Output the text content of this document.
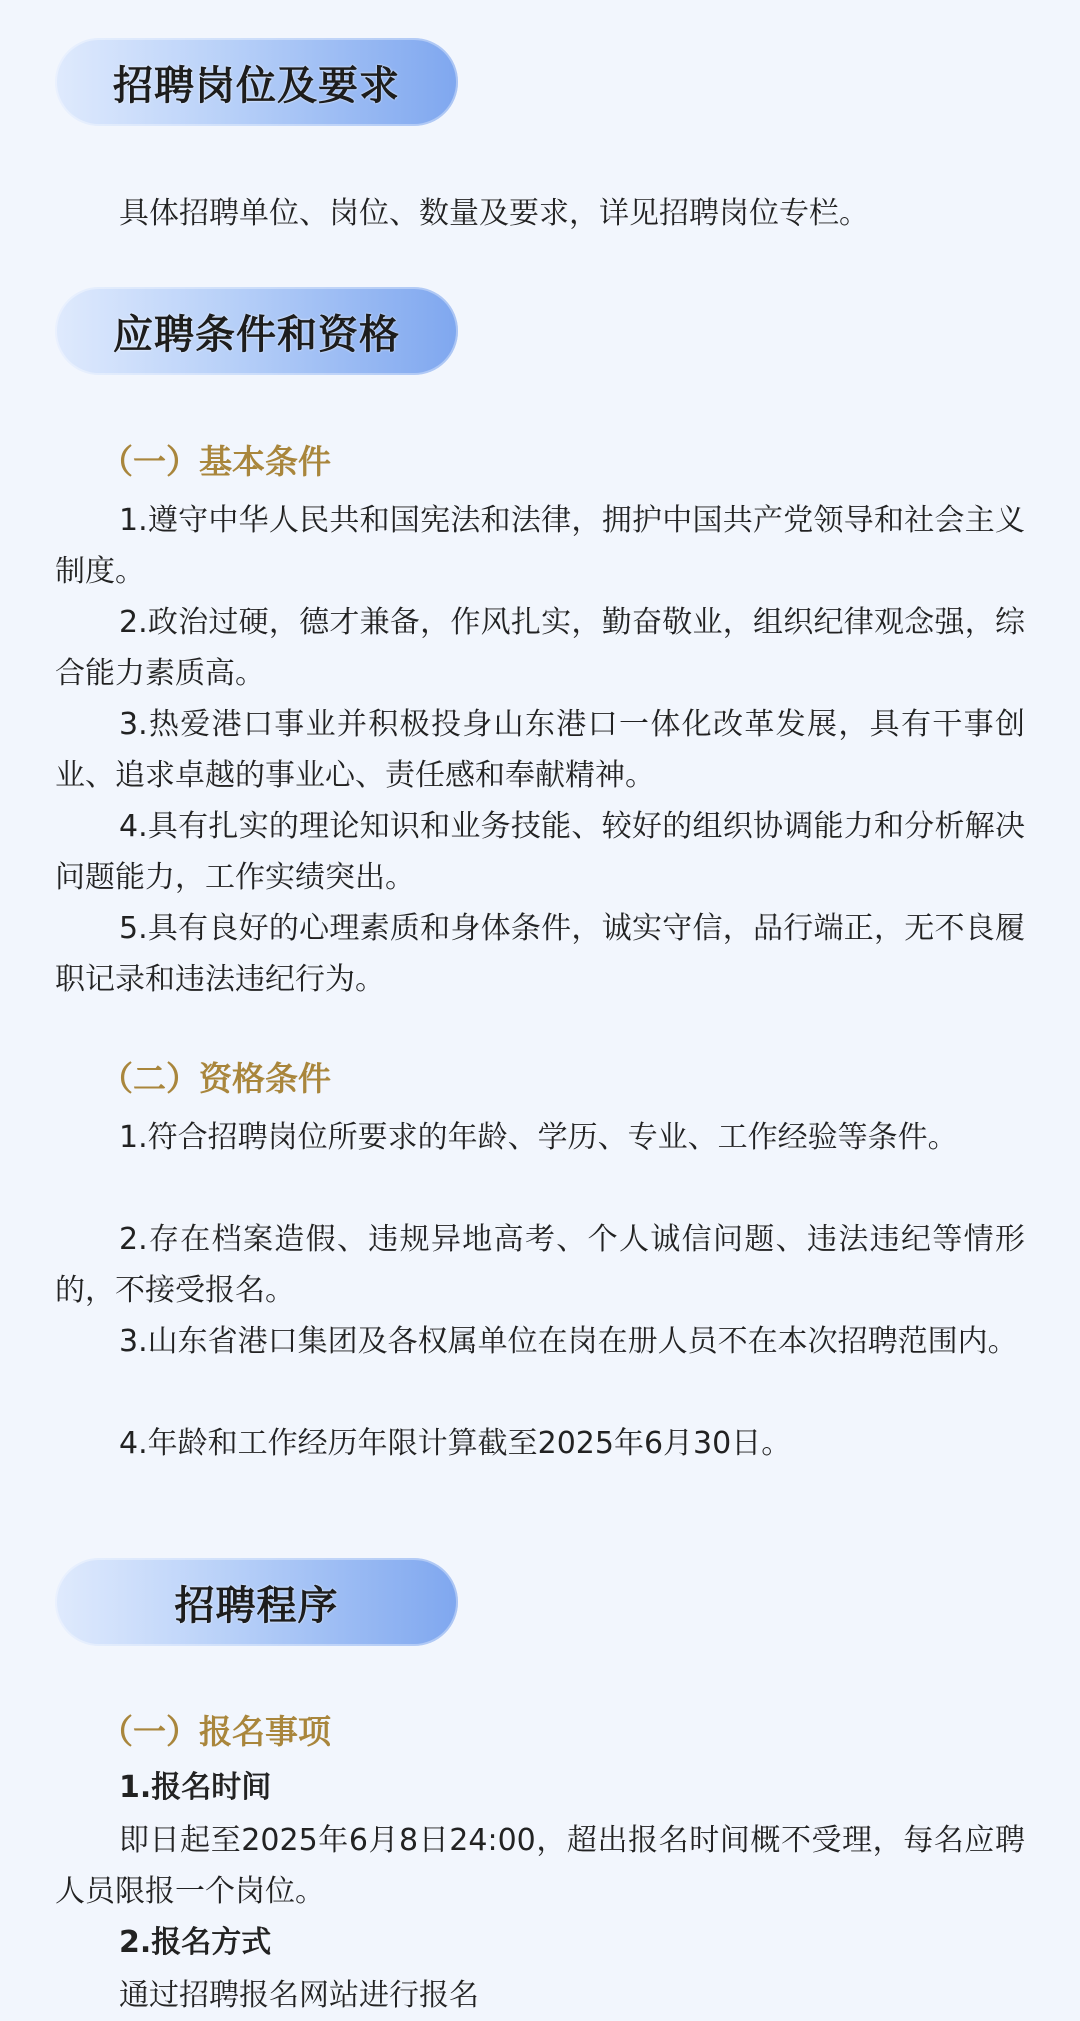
招聘岗位及要求

具体招聘单位、岗位、数量及要求，详见招聘岗位专栏。

应聘条件和资格

（一）基本条件

1.遵守中华人民共和国宪法和法律，拥护中国共产党领导和社会主义制度。

2.政治过硬，德才兼备，作风扎实，勤奋敬业，组织纪律观念强，综合能力素质高。

3.热爱港口事业并积极投身山东港口一体化改革发展，具有干事创业、追求卓越的事业心、责任感和奉献精神。

4.具有扎实的理论知识和业务技能、较好的组织协调能力和分析解决问题能力，工作实绩突出。

5.具有良好的心理素质和身体条件，诚实守信，品行端正，无不良履职记录和违法违纪行为。

（二）资格条件

1.符合招聘岗位所要求的年龄、学历、专业、工作经验等条件。

2.存在档案造假、违规异地高考、个人诚信问题、违法违纪等情形的，不接受报名。

3.山东省港口集团及各权属单位在岗在册人员不在本次招聘范围内。

4.年龄和工作经历年限计算截至2025年6月30日。

招聘程序

（一）报名事项

1.报名时间

即日起至2025年6月8日24:00，超出报名时间概不受理，每名应聘人员限报一个岗位。

2.报名方式

通过招聘报名网站进行报名
